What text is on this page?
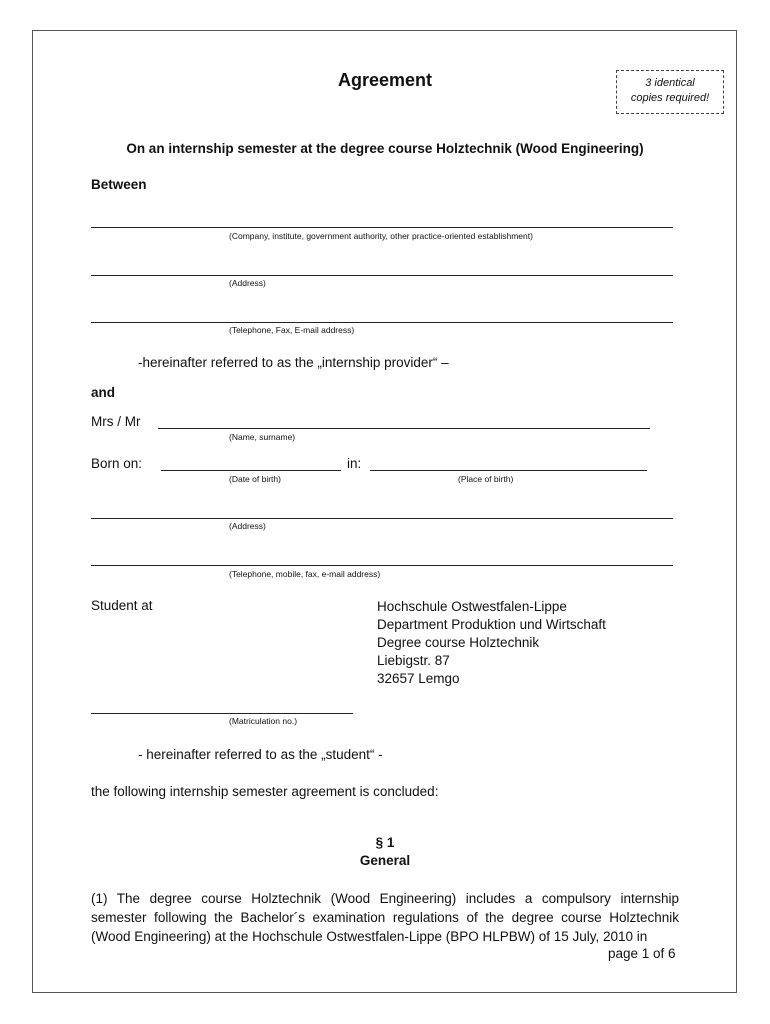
Agreement	3 identical
copies required!
On an internship semester at the degree course Holztechnik (Wood Engineering)
Between
(Company, institute, government authority, other practice-oriented establishment)
(Address)
(Telephone, Fax, E-mail address)
-hereinafter referred to as the „internship provider“ –
and
Mrs / Mr
(Name, surname)
Born on:	in:
(Date of birth)	(Place of birth)
(Address)
(Telephone, mobile, fax, e-mail address)
Student at	Hochschule Ostwestfalen-Lippe
Department Produktion und Wirtschaft
Degree course Holztechnik
Liebigstr. 87
32657 Lemgo
(Matriculation no.)
- hereinafter referred to as the „student“ -
the following internship semester agreement is concluded:
§ 1
General
(1) The degree course Holztechnik (Wood Engineering) includes a compulsory internship semester following the Bachelor´s examination regulations of the degree course Holztechnik (Wood Engineering) at the Hochschule Ostwestfalen-Lippe (BPO HLPBW) of 15 July, 2010 in
page 1 of 6
